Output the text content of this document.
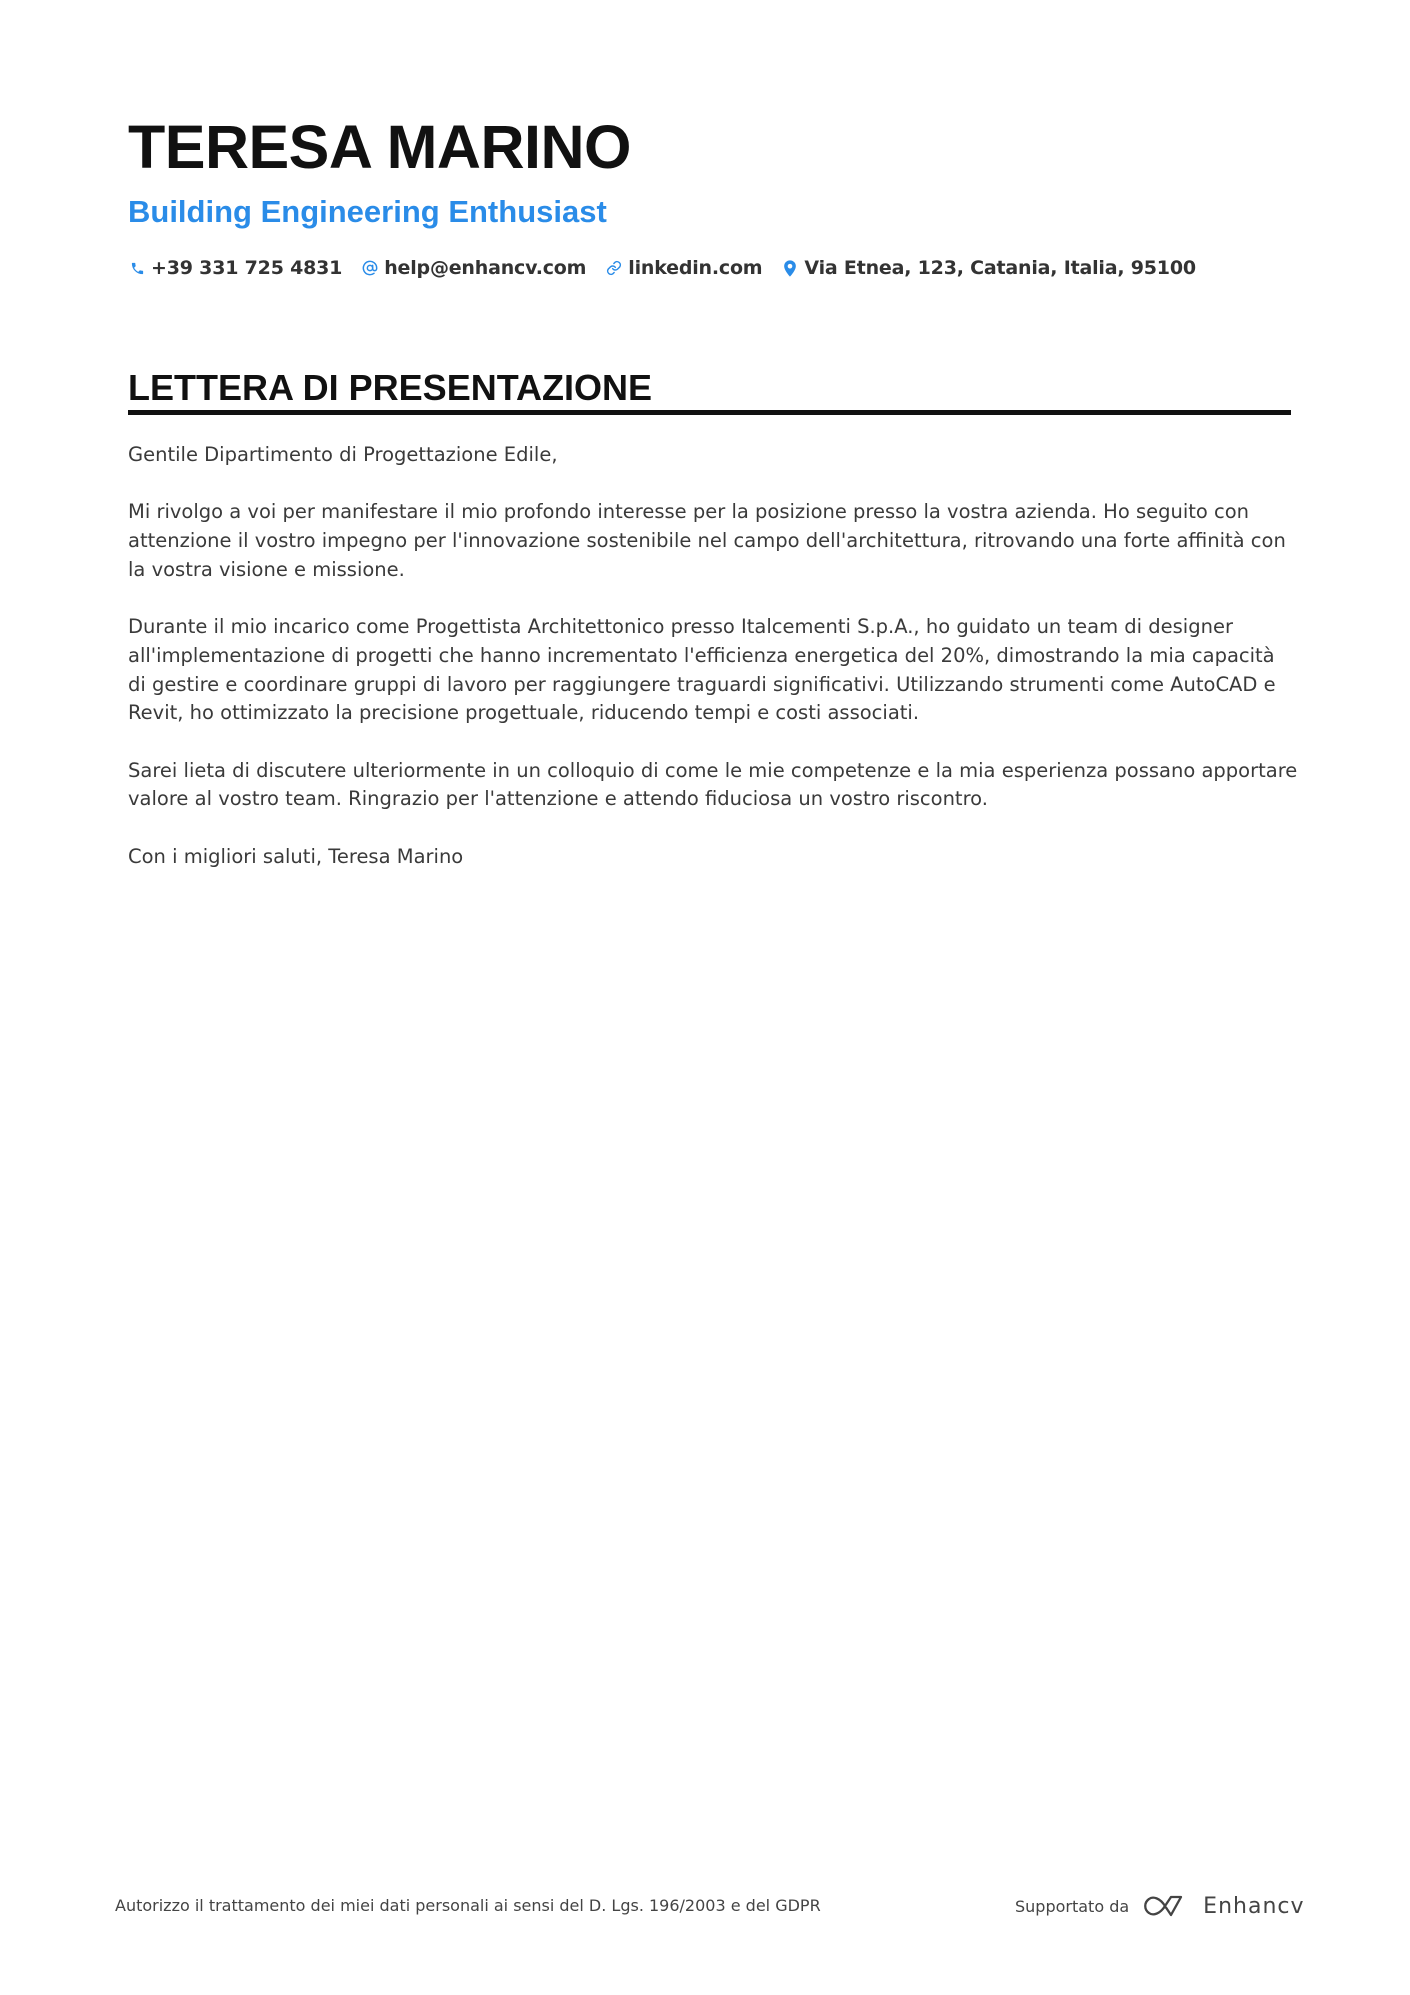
TERESA MARINO
Building Engineering Enthusiast
+39 331 725 4831 help@enhancv.com linkedin.com Via Etnea, 123, Catania, Italia, 95100
LETTERA DI PRESENTAZIONE

Gentile Dipartimento di Progettazione Edile,

Mi rivolgo a voi per manifestare il mio profondo interesse per la posizione presso la vostra azienda. Ho seguito con attenzione il vostro impegno per l'innovazione sostenibile nel campo dell'architettura, ritrovando una forte affinità con la vostra visione e missione.

Durante il mio incarico come Progettista Architettonico presso Italcementi S.p.A., ho guidato un team di designer all'implementazione di progetti che hanno incrementato l'efficienza energetica del 20%, dimostrando la mia capacità di gestire e coordinare gruppi di lavoro per raggiungere traguardi significativi. Utilizzando strumenti come AutoCAD e Revit, ho ottimizzato la precisione progettuale, riducendo tempi e costi associati.

Sarei lieta di discutere ulteriormente in un colloquio di come le mie competenze e la mia esperienza possano apportare valore al vostro team. Ringrazio per l'attenzione e attendo fiduciosa un vostro riscontro.

Con i migliori saluti, Teresa Marino

Autorizzo il trattamento dei miei dati personali ai sensi del D. Lgs. 196/2003 e del GDPR	Supportato da	Enhancv
